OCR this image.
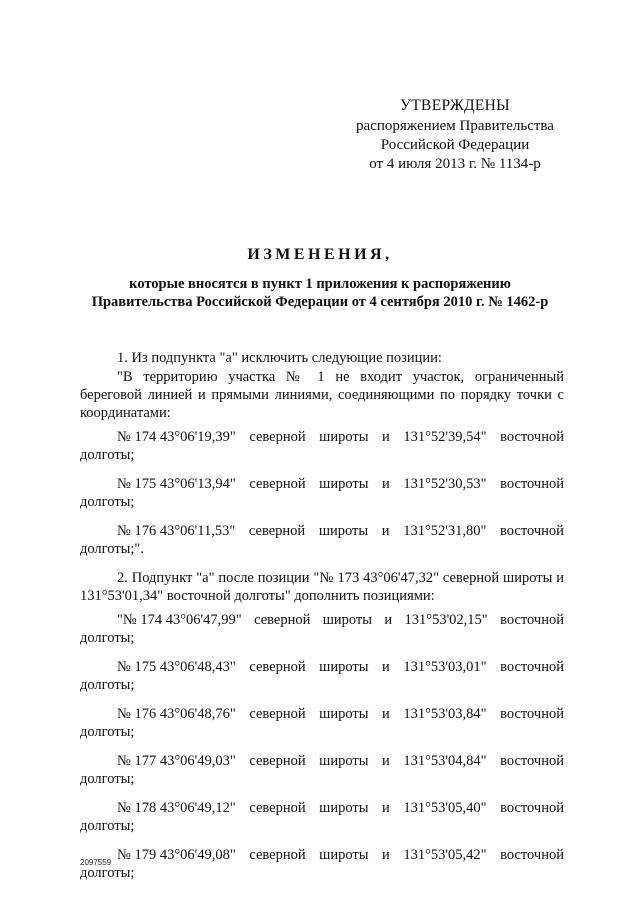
УТВЕРЖДЕНЫ
распоряжением Правительства
Российской Федерации
от 4 июля 2013 г. № 1134-р
ИЗМЕНЕНИЯ,
которые вносятся в пункт 1 приложения к распоряжению
Правительства Российской Федерации от 4 сентября 2010 г. № 1462-р

1. Из подпункта "а" исключить следующие позиции:

"В территорию участка № 1 не входит участок, ограниченный береговой линией и прямыми линиями, соединяющими по порядку точки с координатами:

№ 174 43°06'19,39" северной широты и 131°52'39,54" восточной
долготы;
№ 175 43°06'13,94" северной широты и 131°52'30,53" восточной
долготы;
№ 176 43°06'11,53" северной широты и 131°52'31,80" восточной
долготы;".

2. Подпункт "а" после позиции "№ 173 43°06'47,32" северной широты и 131°53'01,34" восточной долготы" дополнить позициями:

"№ 174 43°06'47,99" северной широты и 131°53'02,15" восточной
долготы;
№ 175 43°06'48,43" северной широты и 131°53'03,01" восточной
долготы;
№ 176 43°06'48,76" северной широты и 131°53'03,84" восточной
долготы;
№ 177 43°06'49,03" северной широты и 131°53'04,84" восточной
долготы;
№ 178 43°06'49,12" северной широты и 131°53'05,40" восточной
долготы;
№ 179 43°06'49,08" северной широты и 131°53'05,42" восточной
долготы;
2097559
